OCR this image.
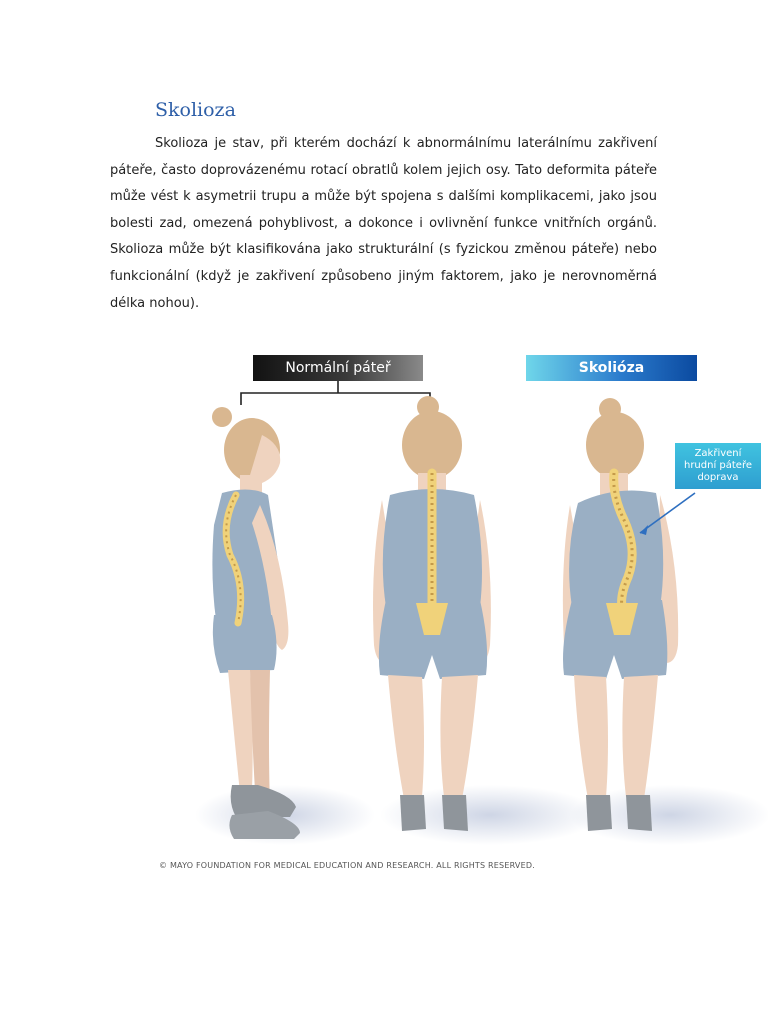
Skolioza

Skolioza je stav, při kterém dochází k abnormálnímu laterálnímu zakřivení páteře, často doprovázenému rotací obratlů kolem jejich osy. Tato deformita páteře může vést k asymetrii trupu a může být spojena s dalšími komplikacemi, jako jsou bolesti zad, omezená pohyblivost, a dokonce i ovlivnění funkce vnitřních orgánů. Skolioza může být klasifikována jako strukturální (s fyzickou změnou páteře) nebo funkcionální (když je zakřivení způsobeno jiným faktorem, jako je nerovnoměrná délka nohou).

Normální páteř	Skolióza
Zakřivení hrudní páteře doprava
© MAYO FOUNDATION FOR MEDICAL EDUCATION AND RESEARCH. ALL RIGHTS RESERVED.
